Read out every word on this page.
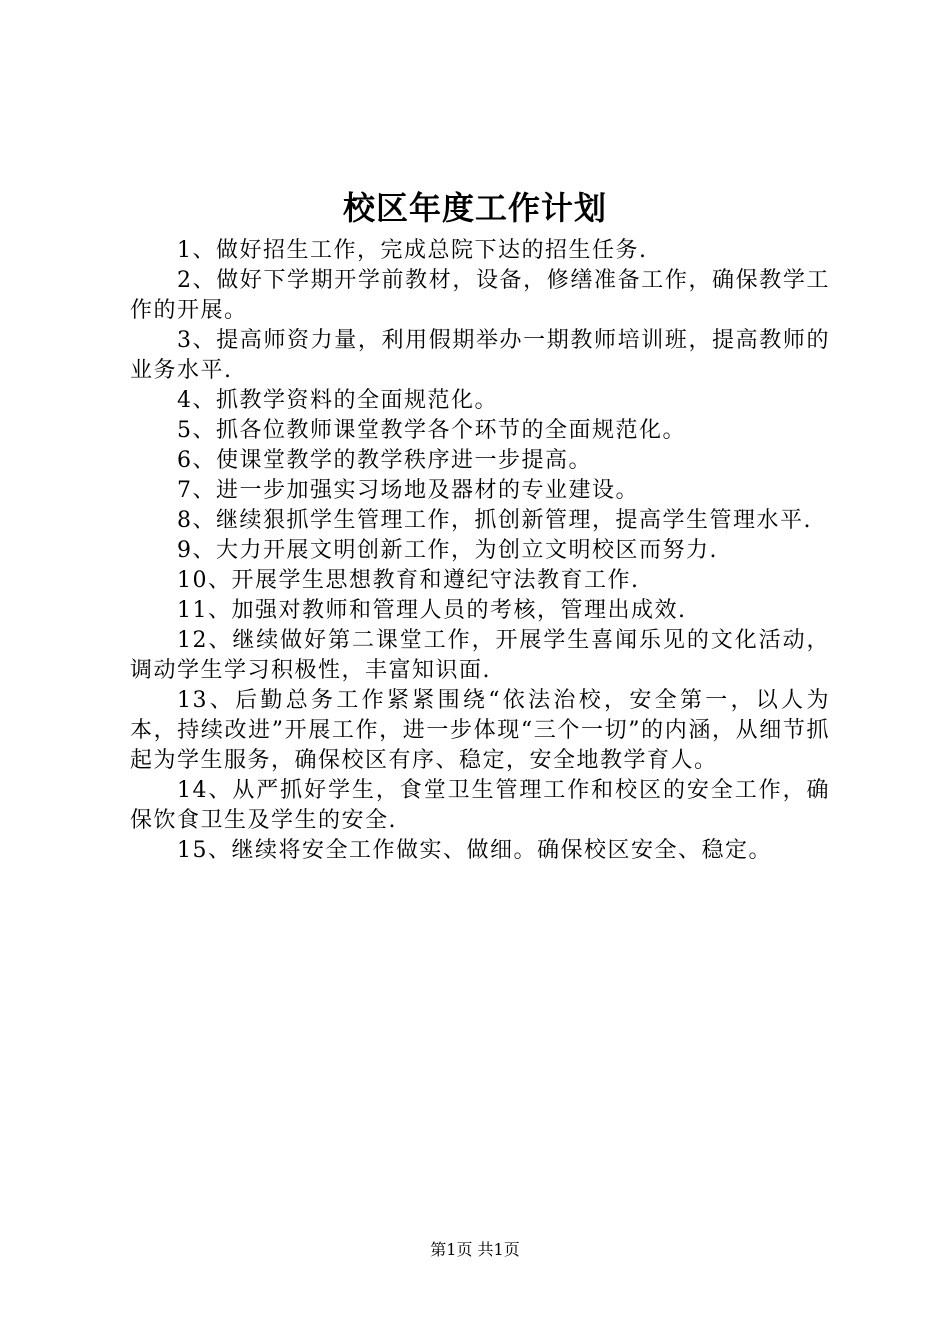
校区年度工作计划

1、做好招生工作，完成总院下达的招生任务.

2、做好下学期开学前教材，设备，修缮准备工作，确保教学工作的开展。

3、提高师资力量，利用假期举办一期教师培训班，提高教师的业务水平.

4、抓教学资料的全面规范化。

5、抓各位教师课堂教学各个环节的全面规范化。

6、使课堂教学的教学秩序进一步提高。

7、进一步加强实习场地及器材的专业建设。

8、继续狠抓学生管理工作，抓创新管理，提高学生管理水平.

9、大力开展文明创新工作，为创立文明校区而努力.

10、开展学生思想教育和遵纪守法教育工作.

11、加强对教师和管理人员的考核，管理出成效.

12、继续做好第二课堂工作，开展学生喜闻乐见的文化活动，调动学生学习积极性，丰富知识面.

13、后勤总务工作紧紧围绕“依法治校，安全第一，以人为本，持续改进”开展工作，进一步体现“三个一切”的内涵，从细节抓起为学生服务，确保校区有序、稳定，安全地教学育人。

14、从严抓好学生，食堂卫生管理工作和校区的安全工作，确保饮食卫生及学生的安全.

15、继续将安全工作做实、做细。确保校区安全、稳定。

第1页 共1页
